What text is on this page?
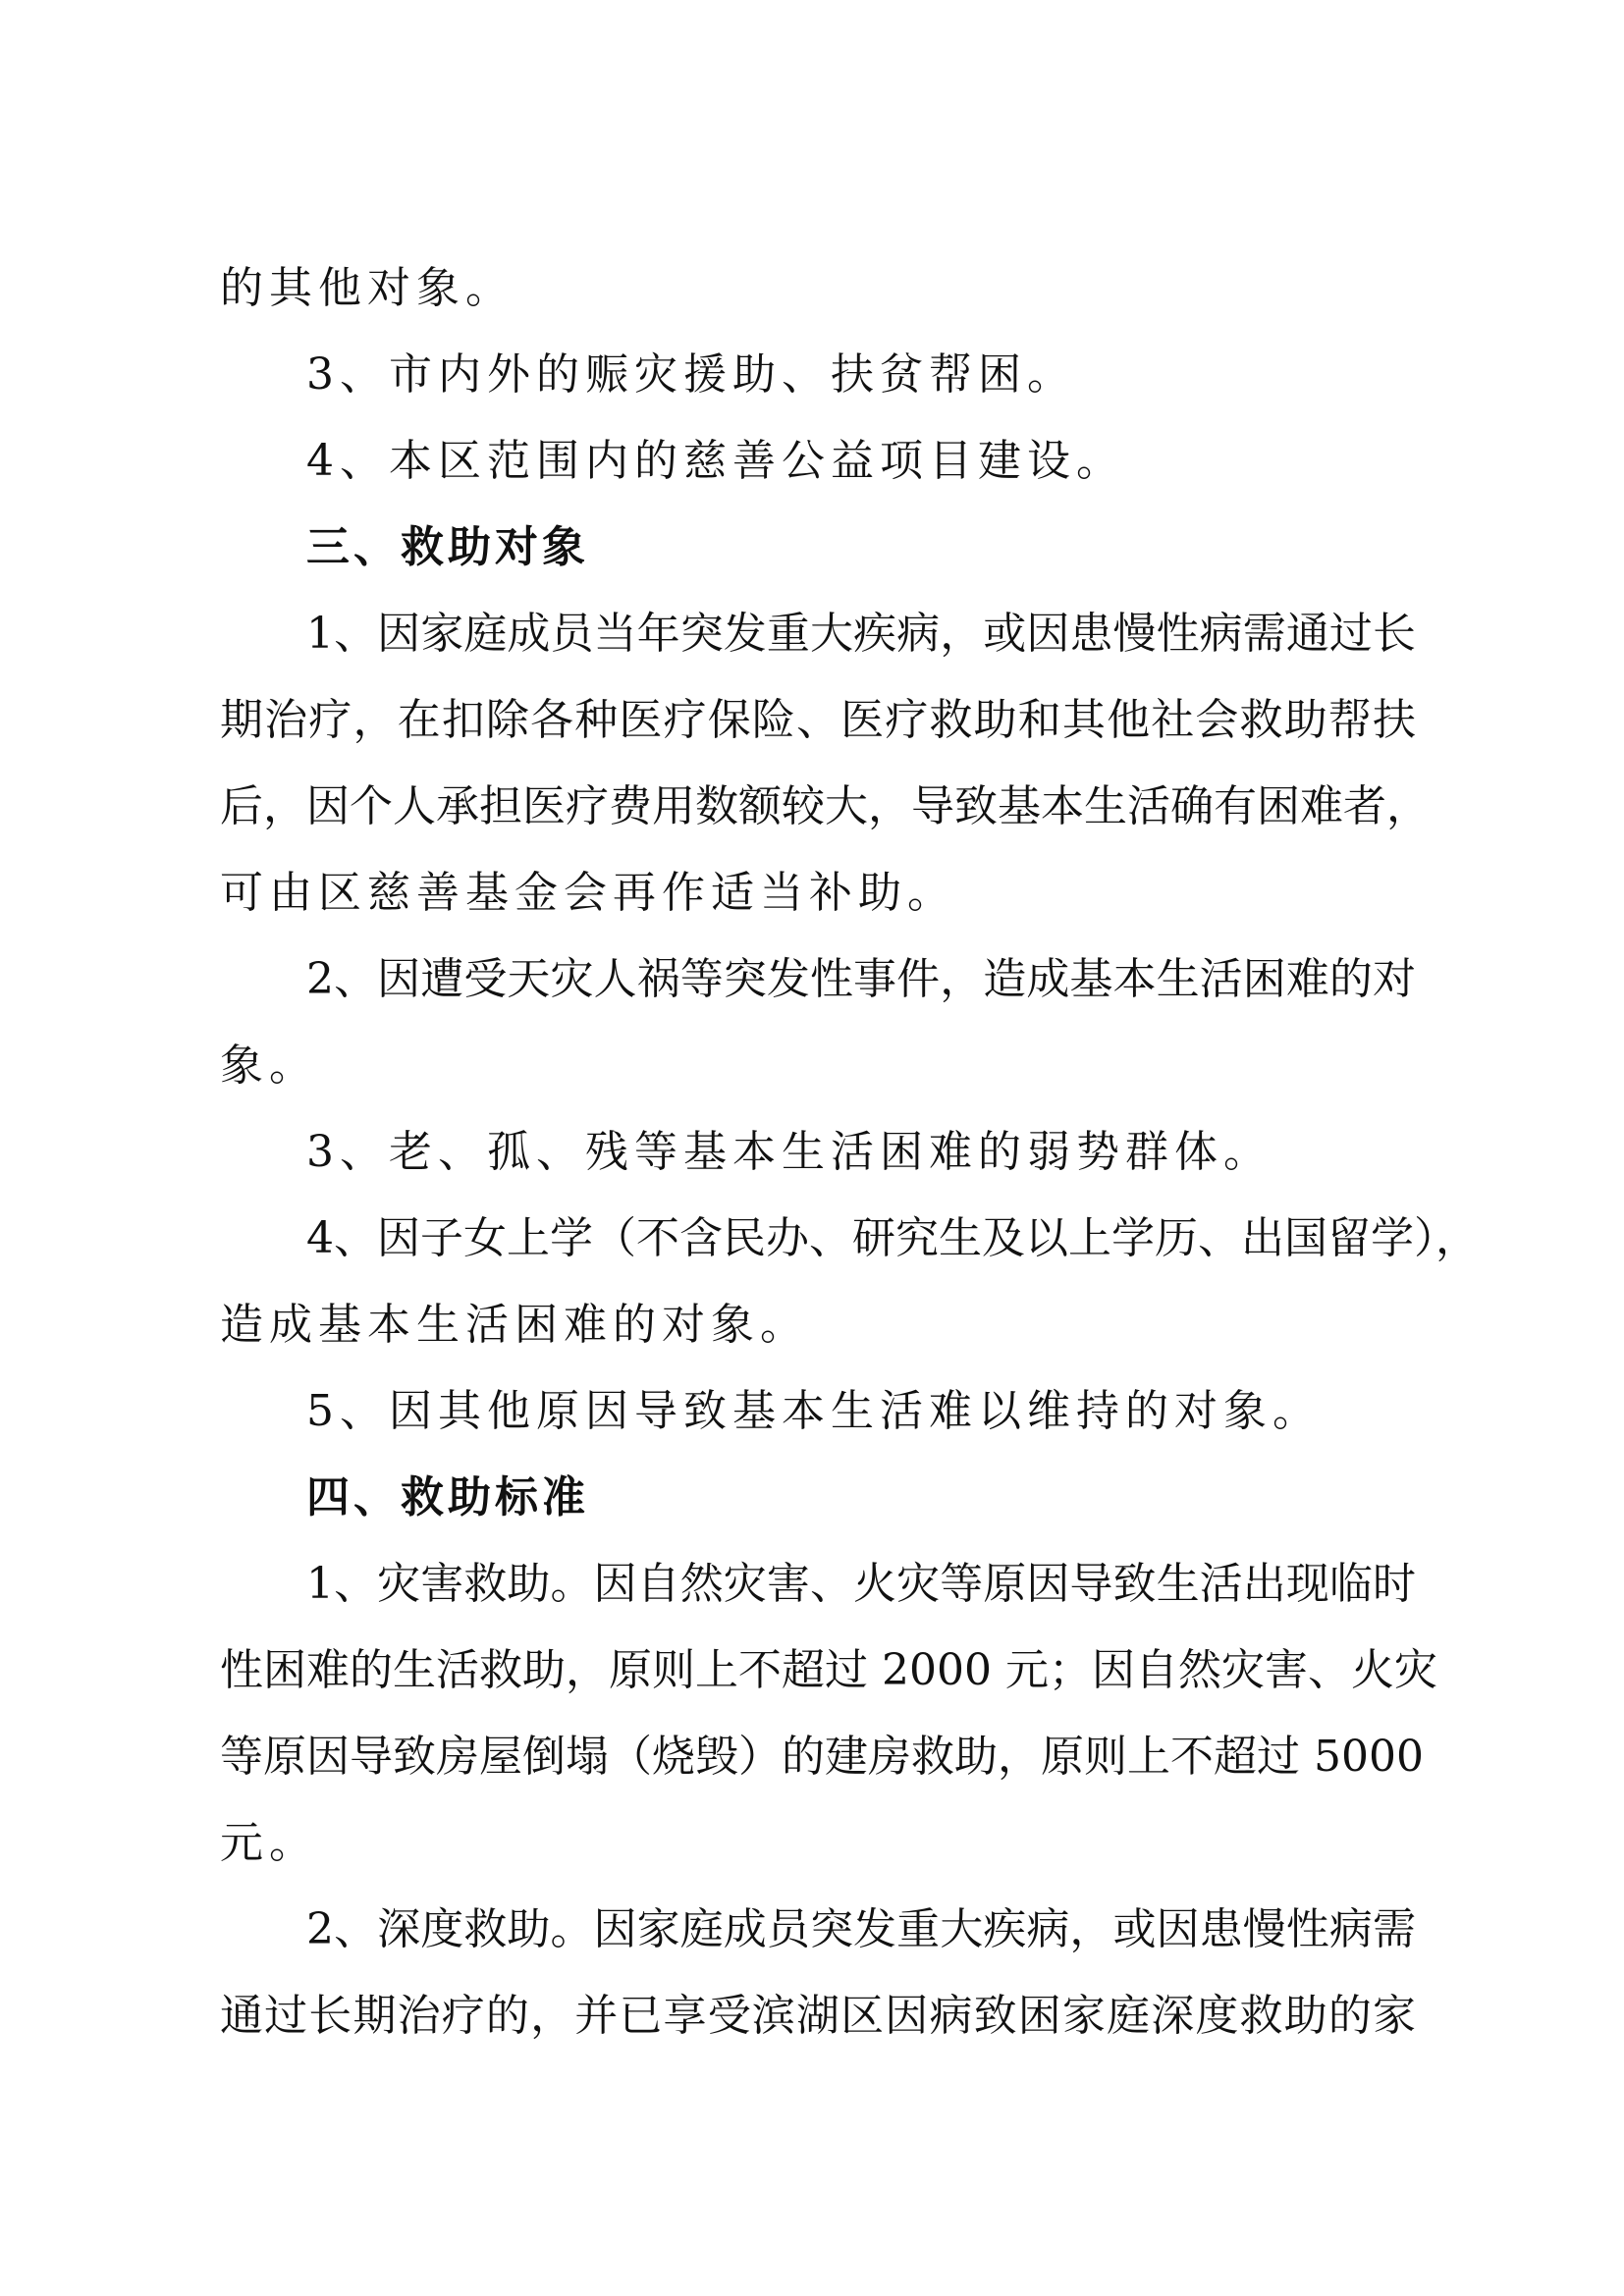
的其他对象。
3、市内外的赈灾援助、扶贫帮困。
4、本区范围内的慈善公益项目建设。
三、救助对象
1、因家庭成员当年突发重大疾病，或因患慢性病需通过长
期治疗，在扣除各种医疗保险、医疗救助和其他社会救助帮扶
后，因个人承担医疗费用数额较大，导致基本生活确有困难者，
可由区慈善基金会再作适当补助。
2、因遭受天灾人祸等突发性事件，造成基本生活困难的对
象。
3、老、孤、残等基本生活困难的弱势群体。
4、因子女上学（不含民办、研究生及以上学历、出国留学），
造成基本生活困难的对象。
5、因其他原因导致基本生活难以维持的对象。
四、救助标准
1、灾害救助。因自然灾害、火灾等原因导致生活出现临时
性困难的生活救助，原则上不超过 2000 元；因自然灾害、火灾
等原因导致房屋倒塌（烧毁）的建房救助，原则上不超过 5000
元。
2、深度救助。因家庭成员突发重大疾病，或因患慢性病需
通过长期治疗的，并已享受滨湖区因病致困家庭深度救助的家
